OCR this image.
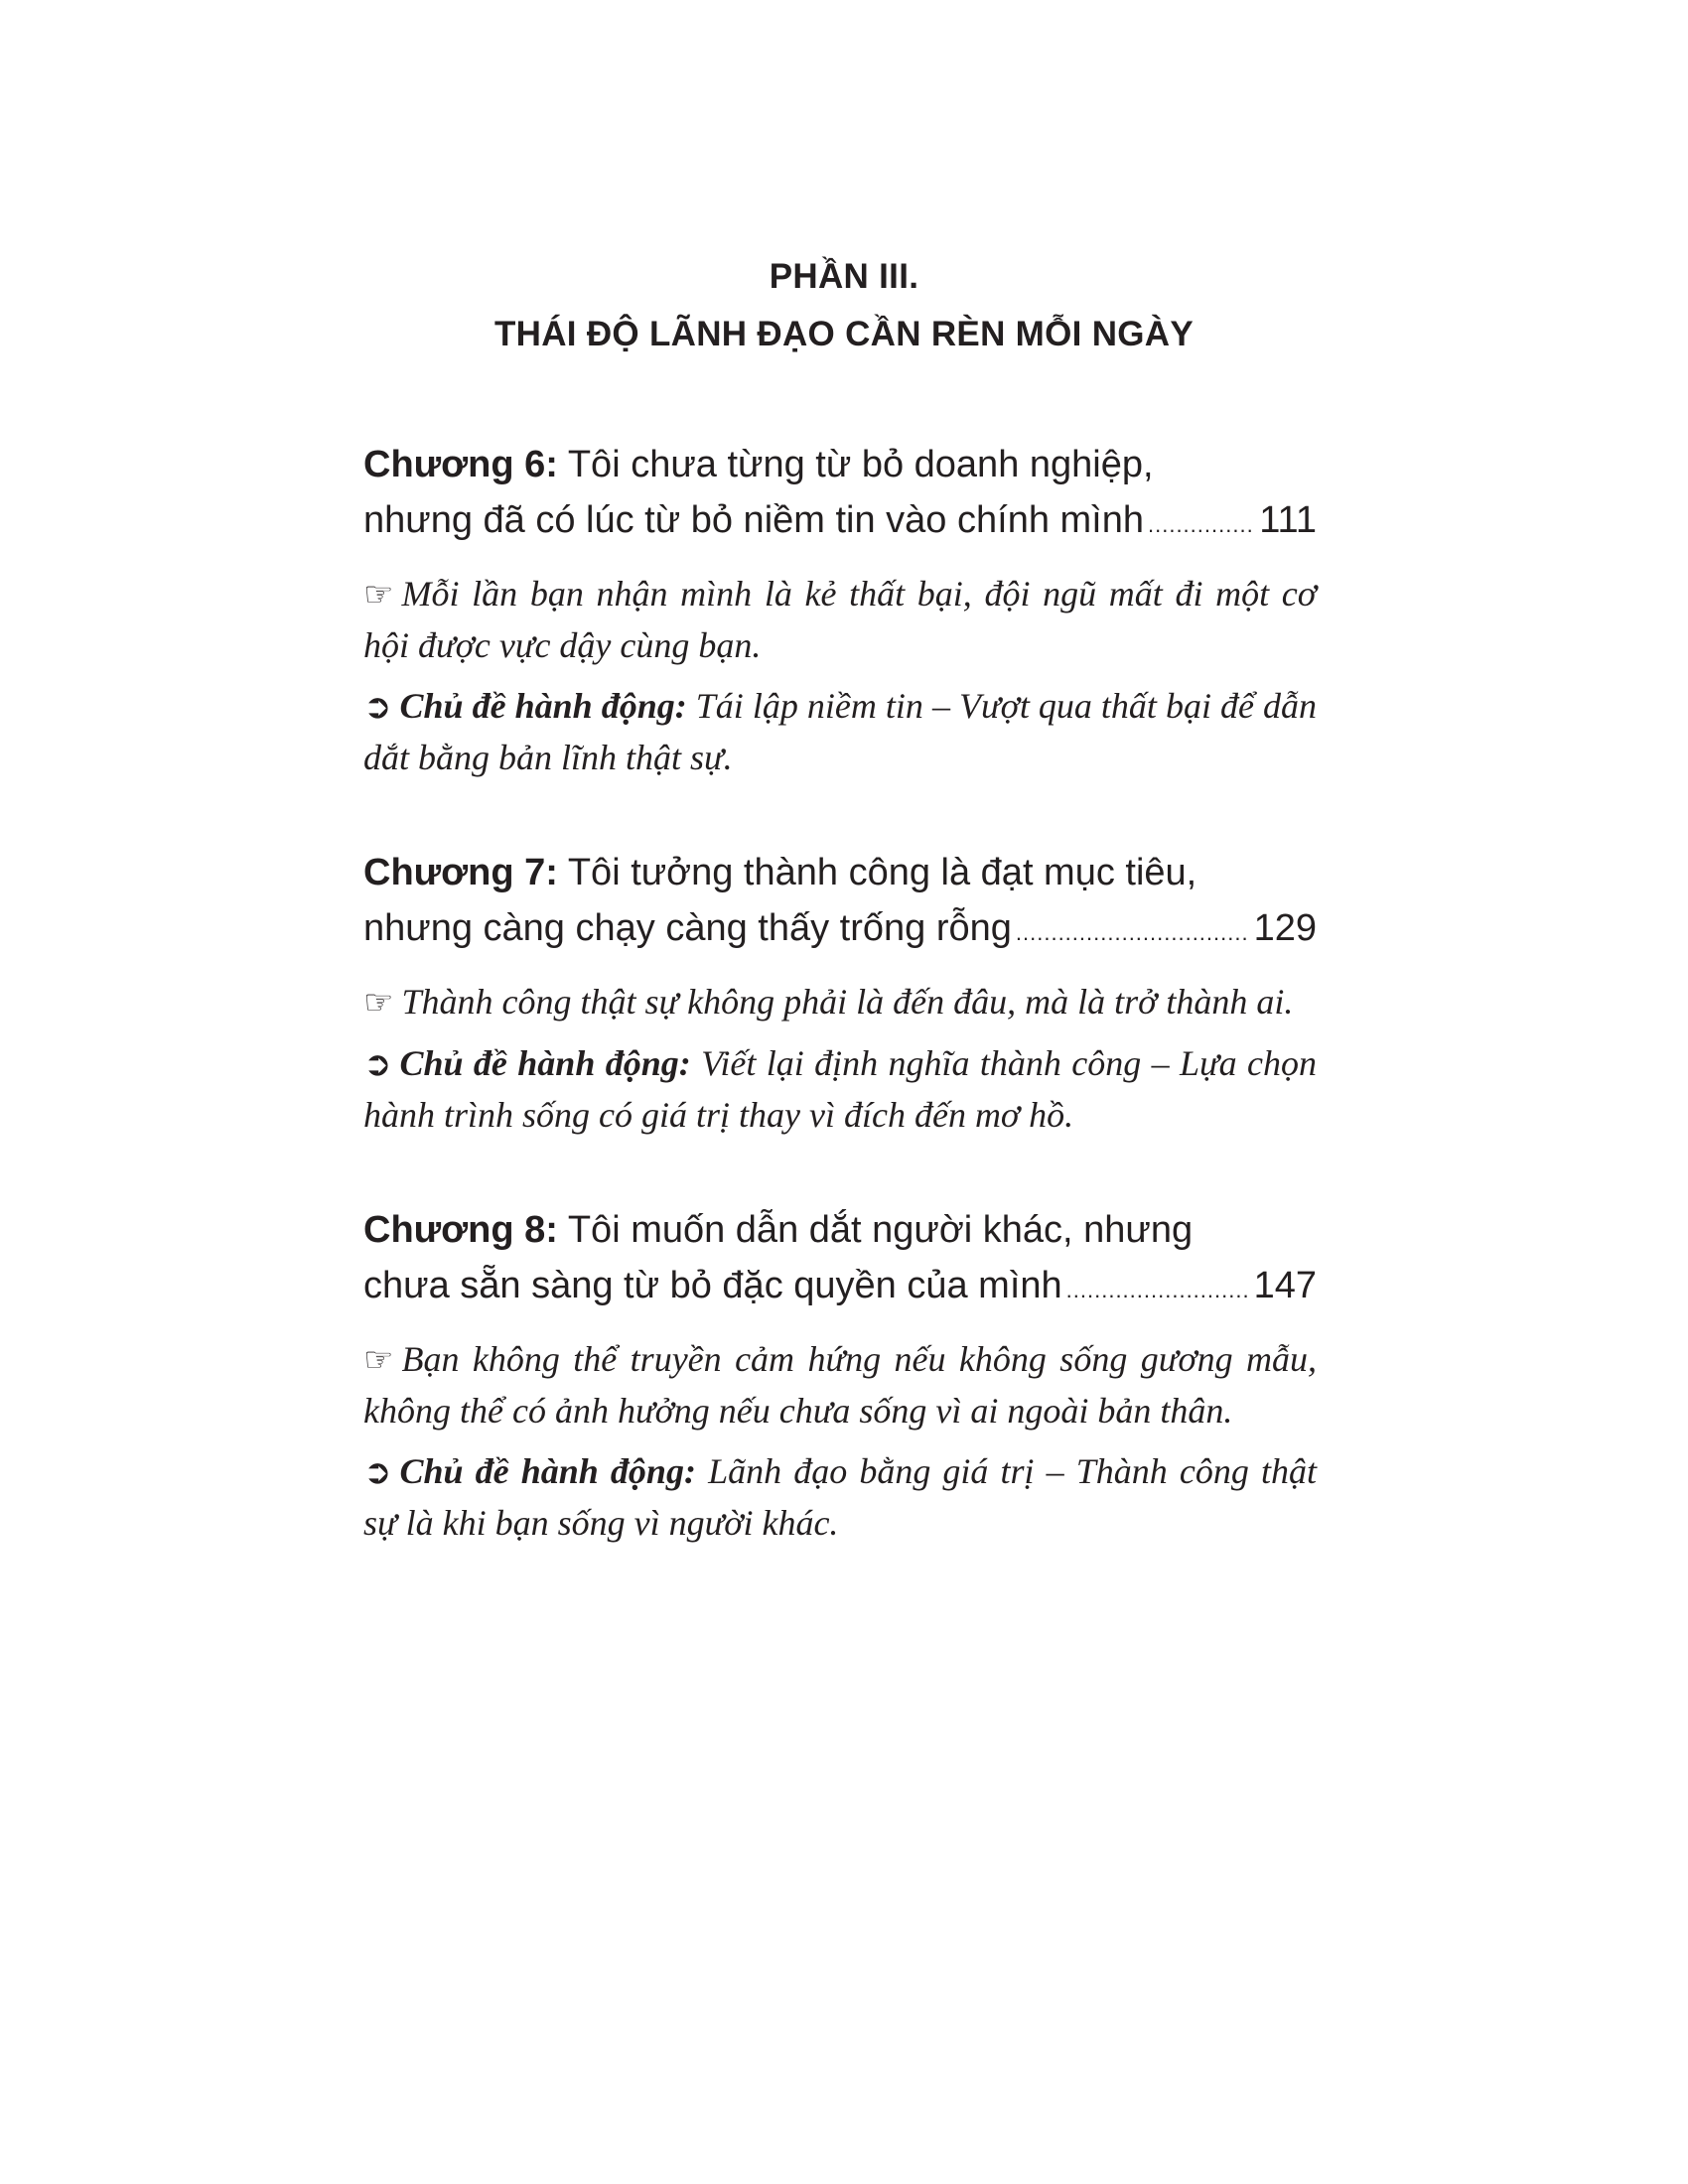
PHẦN III.
THÁI ĐỘ LÃNH ĐẠO CẦN RÈN MỖI NGÀY
Chương 6: Tôi chưa từng từ bỏ doanh nghiệp,
nhưng đã có lúc từ bỏ niềm tin vào chính mình .....	111
☞ Mỗi lần bạn nhận mình là kẻ thất bại, đội ngũ mất đi một cơ hội được vực dậy cùng bạn.
➲ Chủ đề hành động: Tái lập niềm tin – Vượt qua thất bại để dẫn dắt bằng bản lĩnh thật sự.
Chương 7: Tôi tưởng thành công là đạt mục tiêu,
nhưng càng chạy càng thấy trống rỗng .....	129
☞ Thành công thật sự không phải là đến đâu, mà là trở thành ai.
➲ Chủ đề hành động: Viết lại định nghĩa thành công – Lựa chọn hành trình sống có giá trị thay vì đích đến mơ hồ.
Chương 8: Tôi muốn dẫn dắt người khác, nhưng
chưa sẵn sàng từ bỏ đặc quyền của mình .....	147
☞ Bạn không thể truyền cảm hứng nếu không sống gương mẫu, không thể có ảnh hưởng nếu chưa sống vì ai ngoài bản thân.
➲ Chủ đề hành động: Lãnh đạo bằng giá trị – Thành công thật sự là khi bạn sống vì người khác.
